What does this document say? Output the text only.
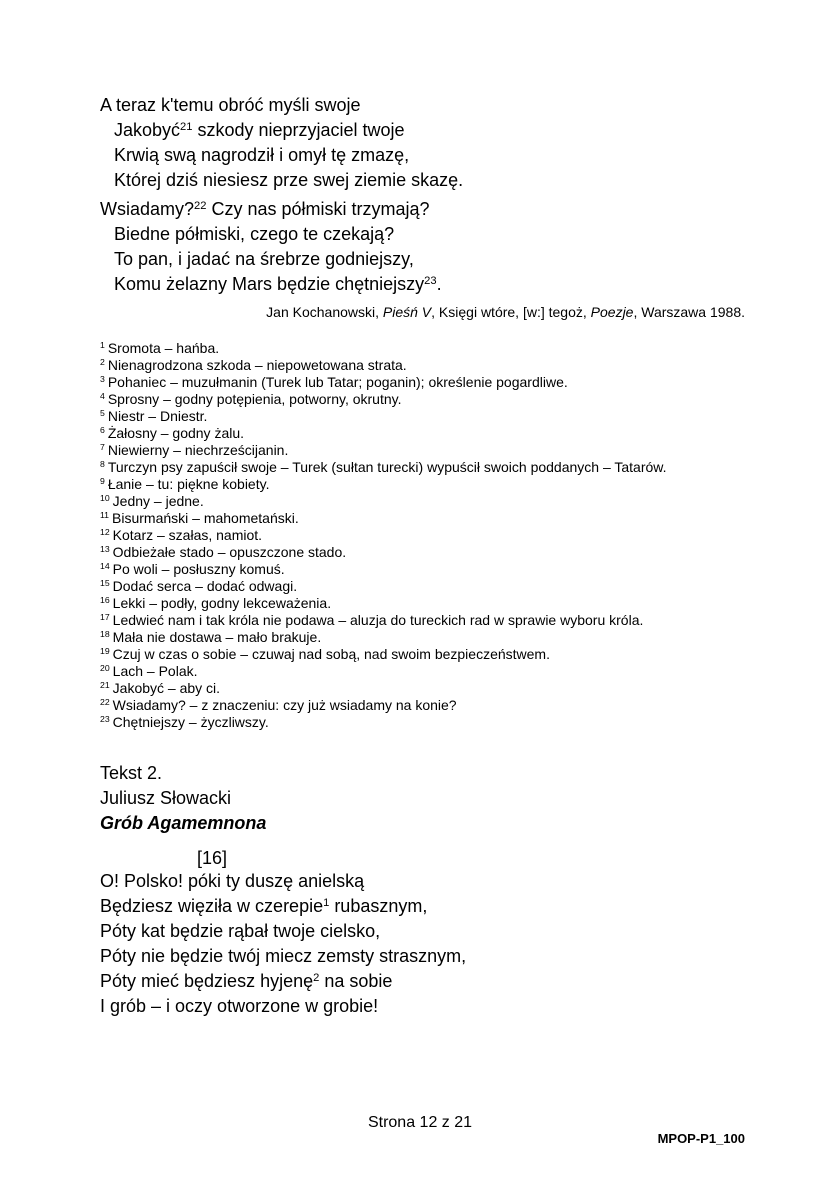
A teraz k'temu obróć myśli swoje
Jakobyć$^{21}$ szkody nieprzyjaciel twoje
Krwią swą nagrodził i omył tę zmazę,
Której dziś niesiesz prze swej ziemie skazę.
Wsiadamy?$^{22}$ Czy nas półmiski trzymają?
Biedne półmiski, czego te czekają?
To pan, i jadać na śrebrze godniejszy,
Komu żelazny Mars będzie chętniejszy$^{23}$.
Jan Kochanowski, Pieśń V, Księgi wtóre, [w:] tegoż, Poezje, Warszawa 1988.
$^1$ Sromota – hańba.
$^2$ Nienagrodzona szkoda – niepowetowana strata.
$^3$ Pohaniec – muzułmanin (Turek lub Tatar; poganin); określenie pogardliwe.
$^4$ Sprosny – godny potępienia, potworny, okrutny.
$^5$ Niestr – Dniestr.
$^6$ Żałosny – godny żalu.
$^7$ Niewierny – niechrześcijanin.
$^8$ Turczyn psy zapuścił swoje – Turek (sułtan turecki) wypuścił swoich poddanych – Tatarów.
$^9$ Łanie – tu: piękne kobiety.
$^{10}$ Jedny – jedne.
$^{11}$ Bisurmański – mahometański.
$^{12}$ Kotarz – szałas, namiot.
$^{13}$ Odbieżałe stado – opuszczone stado.
$^{14}$ Po woli – posłuszny komuś.
$^{15}$ Dodać serca – dodać odwagi.
$^{16}$ Lekki – podły, godny lekceważenia.
$^{17}$ Ledwieć nam i tak króla nie podawa – aluzja do tureckich rad w sprawie wyboru króla.
$^{18}$ Mała nie dostawa – mało brakuje.
$^{19}$ Czuj w czas o sobie – czuwaj nad sobą, nad swoim bezpieczeństwem.
$^{20}$ Lach – Polak.
$^{21}$ Jakobyć – aby ci.
$^{22}$ Wsiadamy? – z znaczeniu: czy już wsiadamy na konie?
$^{23}$ Chętniejszy – życzliwszy.
Tekst 2.
Juliusz Słowacki
Grób Agamemnona
[16]
O! Polsko! póki ty duszę anielską
Będziesz więziła w czerepie$^1$ rubasznym,
Póty kat będzie rąbał twoje cielsko,
Póty nie będzie twój miecz zemsty strasznym,
Póty mieć będziesz hyjenę$^2$ na sobie
I grób – i oczy otworzone w grobie!
Strona 12 z 21
MPOP-P1_100
